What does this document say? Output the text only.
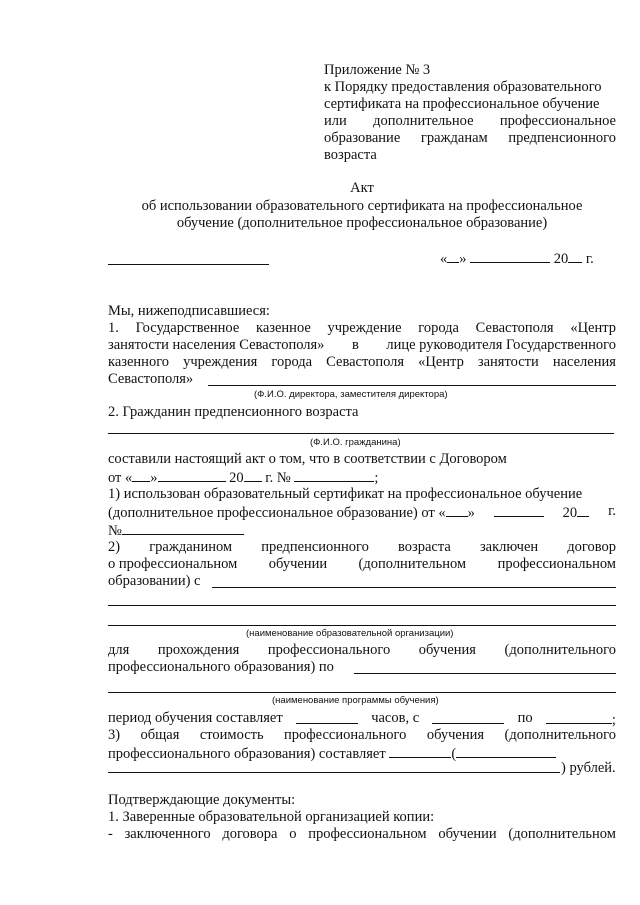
Приложение № 3
к Порядку предоставления образовательного
сертификата на профессиональное обучение
или дополнительное профессиональное
образование гражданам предпенсионного
возраста
Акт
об использовании образовательного сертификата на профессиональное
обучение (дополнительное профессиональное образование)
« »	20 г.
Мы, нижеподписавшиеся:
1. Государственное казенное учреждение города Севастополя «Центр
занятости населения Севастополя» в лице руководителя Государственного
казенного учреждения города Севастополя «Центр занятости населения
Севастополя»
(Ф.И.О. директора, заместителя директора)
2. Гражданин предпенсионного возраста
(Ф.И.О. гражданина)
составили настоящий акт о том, что в соответствии с Договором
от « »	20 г. №	;
1) использован образовательный сертификат на профессиональное обучение
(дополнительное профессиональное образование) от « »	20	г.
№
2) гражданином предпенсионного возраста заключен договор
о профессиональном обучении (дополнительном профессиональном
образовании) с
(наименование образовательной организации)
для прохождения профессионального обучения (дополнительного
профессионального образования) по
(наименование программы обучения)
период обучения составляет	часов, с	по	;
3) общая стоимость профессионального обучения (дополнительного
профессионального образования) составляет	(
) рублей.
Подтверждающие документы:
1. Заверенные образовательной организацией копии:
- заключенного договора о профессиональном обучении (дополнительном
